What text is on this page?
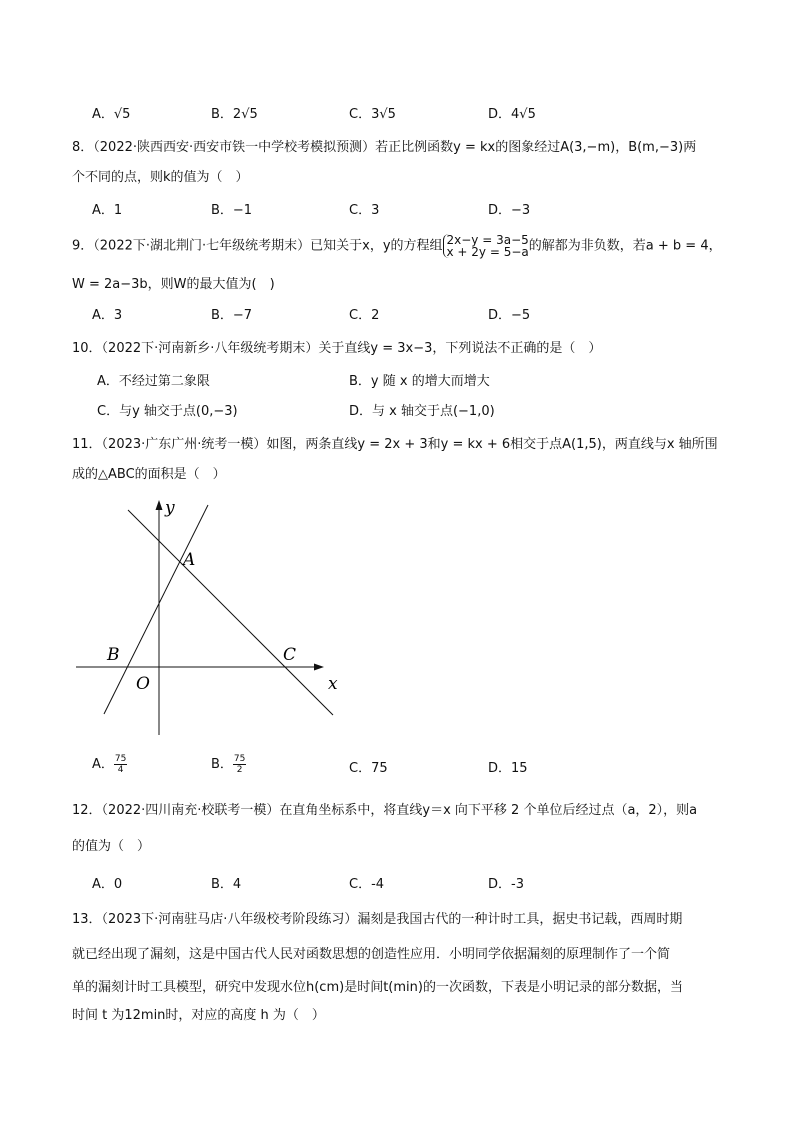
A．√5	B．2√5	C．3√5	D．4√5
8．（2022·陕西西安·西安市铁一中学校考模拟预测）若正比例函数y = kx的图象经过A(3,−m)，B(m,−3)两
个不同的点，则k的值为（　）
A．1	B．−1	C．3	D．−3
9．（2022下·湖北荆门·七年级统考期末）已知关于x，y的方程组 2x−y = 3a−5
x + 2y = 5−a 的解都为非负数，若a + b = 4，
W = 2a−3b，则W的最大值为(　)
A．3	B．−7	C．2	D．−5
10．（2022下·河南新乡·八年级统考期末）关于直线y = 3x−3，下列说法不正确的是（　）
A．不经过第二象限	B．y 随 x 的增大而增大
C．与y 轴交于点(0,−3)	D．与 x 轴交于点(−1,0)
11．（2023·广东广州·统考一模）如图，两条直线y = 2x + 3和y = kx + 6相交于点A(1,5)，两直线与x 轴所围
成的△ABC的面积是（　）
y
A
B	C
O	x
A． $\frac{75}{4}$	B． $\frac{75}{2}$	C．75	D．15
12．（2022·四川南充·校联考一模）在直角坐标系中，将直线y＝x 向下平移 2 个单位后经过点（a，2），则a
的值为（　）
A．0	B．4	C．-4	D．-3
13．（2023下·河南驻马店·八年级校考阶段练习）漏刻是我国古代的一种计时工具，据史书记载，西周时期
就已经出现了漏刻，这是中国古代人民对函数思想的创造性应用．小明同学依据漏刻的原理制作了一个简
单的漏刻计时工具模型，研究中发现水位h(cm)是时间t(min)的一次函数，下表是小明记录的部分数据，当
时间 t 为12min时，对应的高度 h 为（　）
